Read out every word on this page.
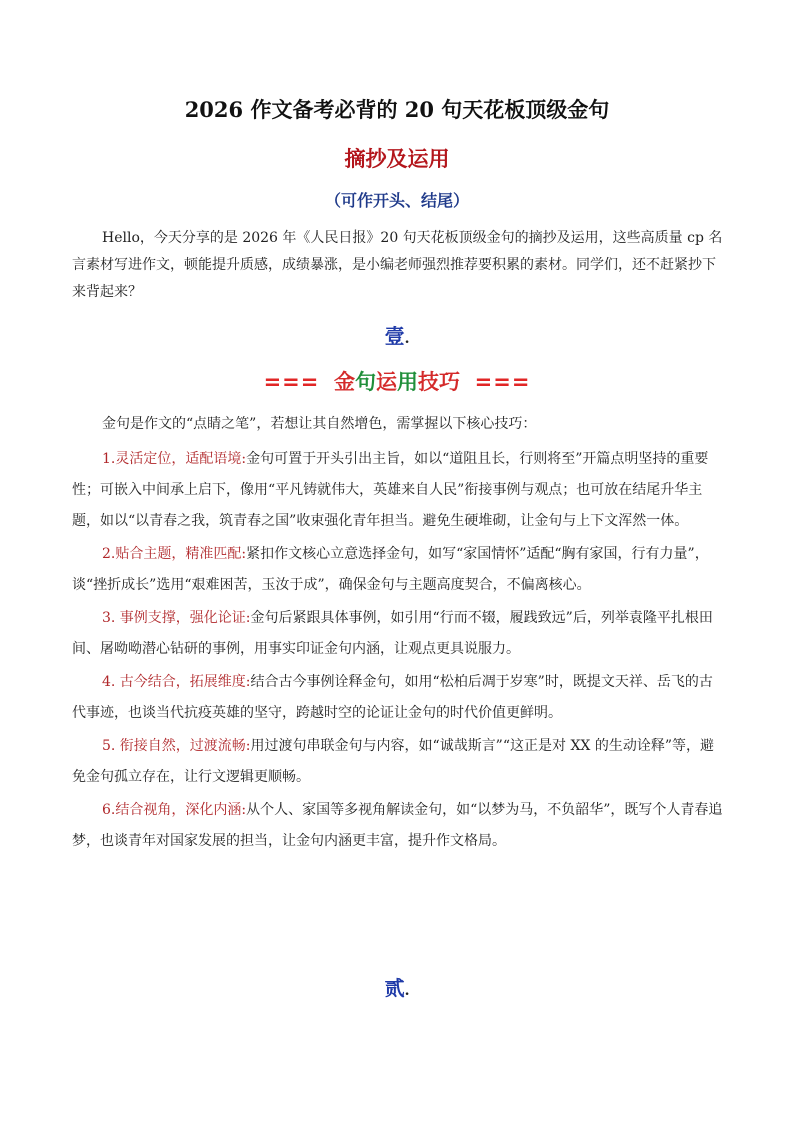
2026 作文备考必背的 20 句天花板顶级金句
摘抄及运用
（可作开头、结尾）
Hello，今天分享的是 2026 年《人民日报》20 句天花板顶级金句的摘抄及运用，这些高质量 cp 名言素材写进作文，顿能提升质感，成绩暴涨，是小编老师强烈推荐要积累的素材。同学们，还不赶紧抄下来背起来？
壹.
=== 金句运用技巧 ===
金句是作文的“点睛之笔”，若想让其自然增色，需掌握以下核心技巧：

1.灵活定位，适配语境:金句可置于开头引出主旨，如以“道阻且长，行则将至”开篇点明坚持的重要性；可嵌入中间承上启下，像用“平凡铸就伟大，英雄来自人民”衔接事例与观点；也可放在结尾升华主题，如以“以青春之我，筑青春之国”收束强化青年担当。避免生硬堆砌，让金句与上下文浑然一体。

2.贴合主题，精准匹配:紧扣作文核心立意选择金句，如写“家国情怀”适配“胸有家国，行有力量”，谈“挫折成长”选用“艰难困苦，玉汝于成”，确保金句与主题高度契合，不偏离核心。

3. 事例支撑，强化论证:金句后紧跟具体事例，如引用“行而不辍，履践致远”后，列举袁隆平扎根田间、屠呦呦潜心钻研的事例，用事实印证金句内涵，让观点更具说服力。

4. 古今结合，拓展维度:结合古今事例诠释金句，如用“松柏后凋于岁寒”时，既提文天祥、岳飞的古代事迹，也谈当代抗疫英雄的坚守，跨越时空的论证让金句的时代价值更鲜明。

5. 衔接自然，过渡流畅:用过渡句串联金句与内容，如“诚哉斯言”“这正是对 XX 的生动诠释”等，避免金句孤立存在，让行文逻辑更顺畅。

6.结合视角，深化内涵:从个人、家国等多视角解读金句，如“以梦为马，不负韶华”，既写个人青春追梦，也谈青年对国家发展的担当，让金句内涵更丰富，提升作文格局。

贰.
